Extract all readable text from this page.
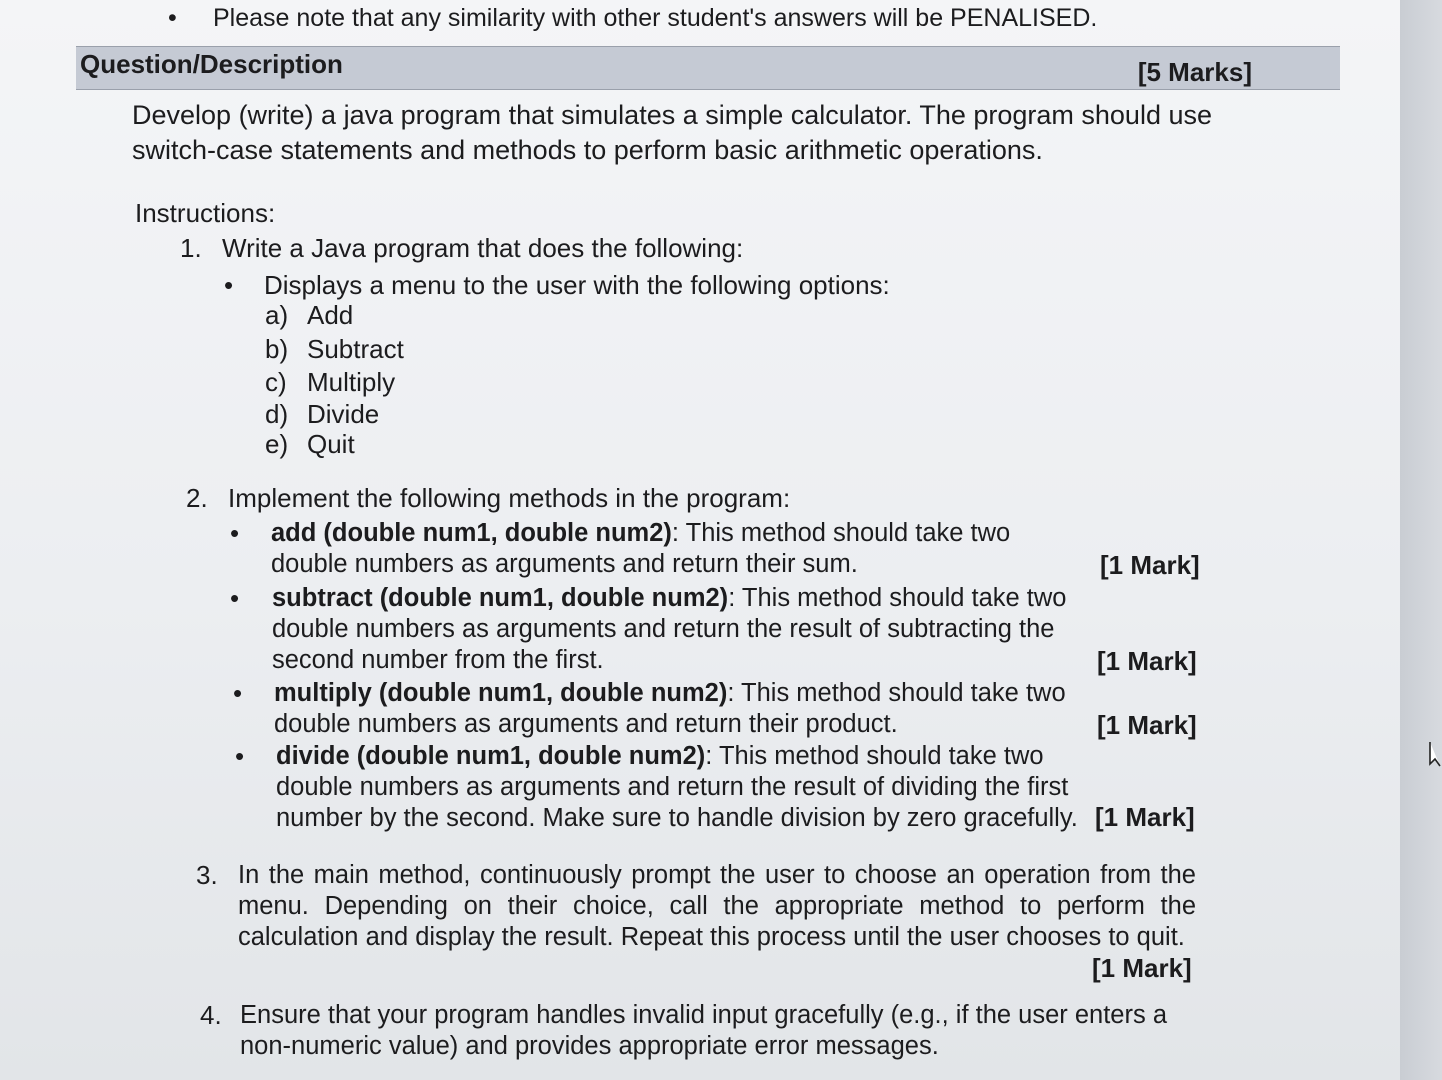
• Please note that any similarity with other student's answers will be PENALISED.
Question/Description	[5 Marks]
Develop (write) a java program that simulates a simple calculator. The program should use switch-case statements and methods to perform basic arithmetic operations.
Instructions:
1. Write a Java program that does the following:
• Displays a menu to the user with the following options:
a) Add
b) Subtract
c) Multiply
d) Divide
e) Quit
2. Implement the following methods in the program:
• add (double num1, double num2): This method should take two double numbers as arguments and return their sum.	[1 Mark]
• subtract (double num1, double num2): This method should take two double numbers as arguments and return the result of subtracting the second number from the first.	[1 Mark]
• multiply (double num1, double num2): This method should take two double numbers as arguments and return their product.	[1 Mark]
• divide (double num1, double num2): This method should take two double numbers as arguments and return the result of dividing the first number by the second. Make sure to handle division by zero gracefully. [1 Mark]
3. In the main method, continuously prompt the user to choose an operation from the menu. Depending on their choice, call the appropriate method to perform the calculation and display the result. Repeat this process until the user chooses to quit.
[1 Mark]
4. Ensure that your program handles invalid input gracefully (e.g., if the user enters a non-numeric value) and provides appropriate error messages.
